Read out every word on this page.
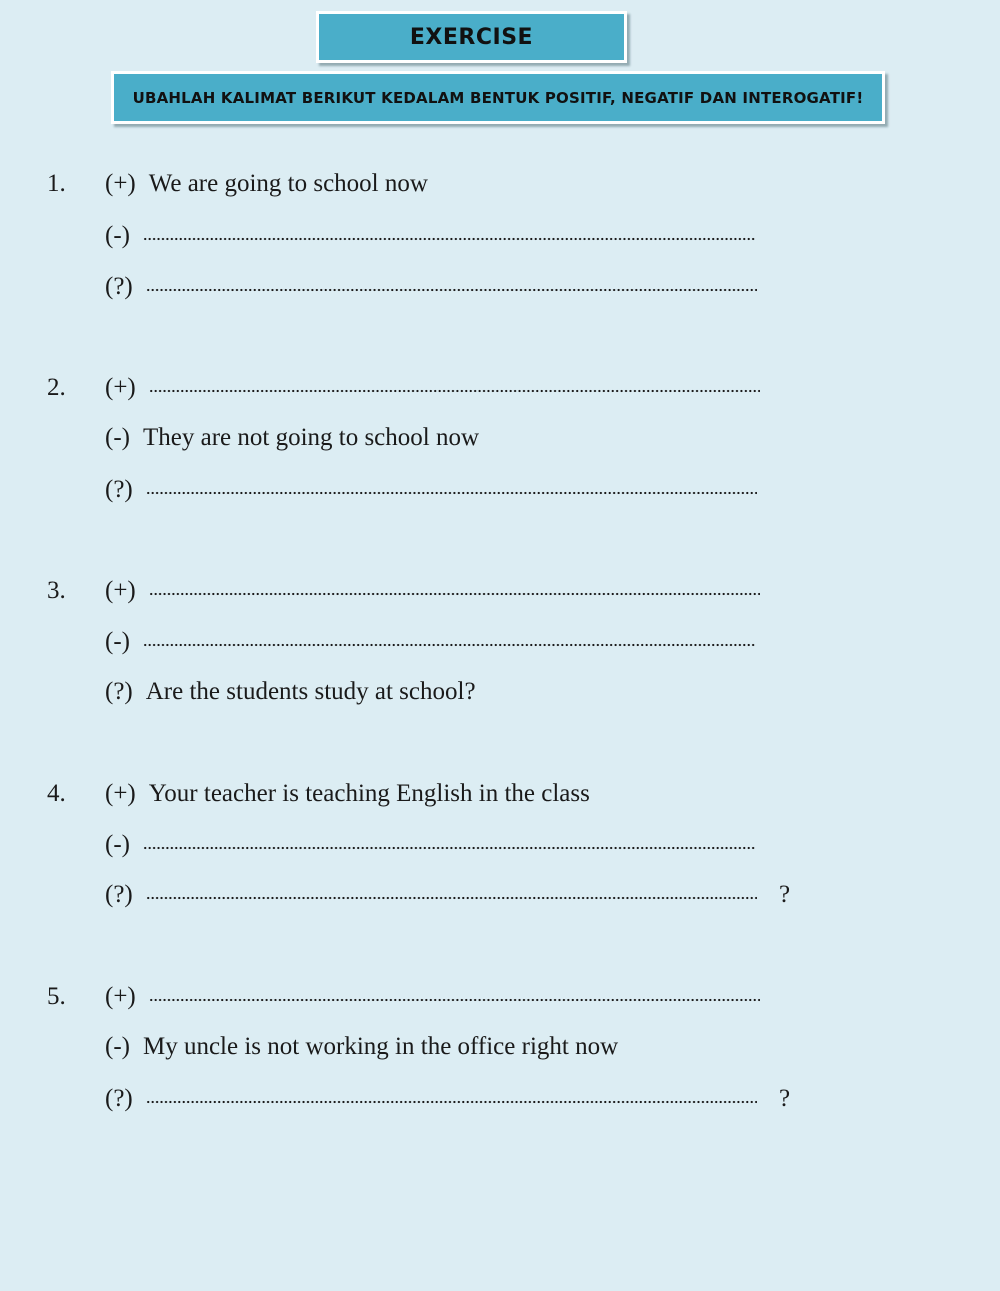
EXERCISE
UBAHLAH KALIMAT BERIKUT KEDALAM BENTUK POSITIF, NEGATIF DAN INTEROGATIF!
1. (+) We are going to school now
(-)
(?)
2. (+)
(-) They are not going to school now
(?)
3. (+)
(-)
(?) Are the students study at school?
4. (+) Your teacher is teaching English in the class
(-)
(?)	?
5. (+)
(-) My uncle is not working in the office right now
(?)	?
